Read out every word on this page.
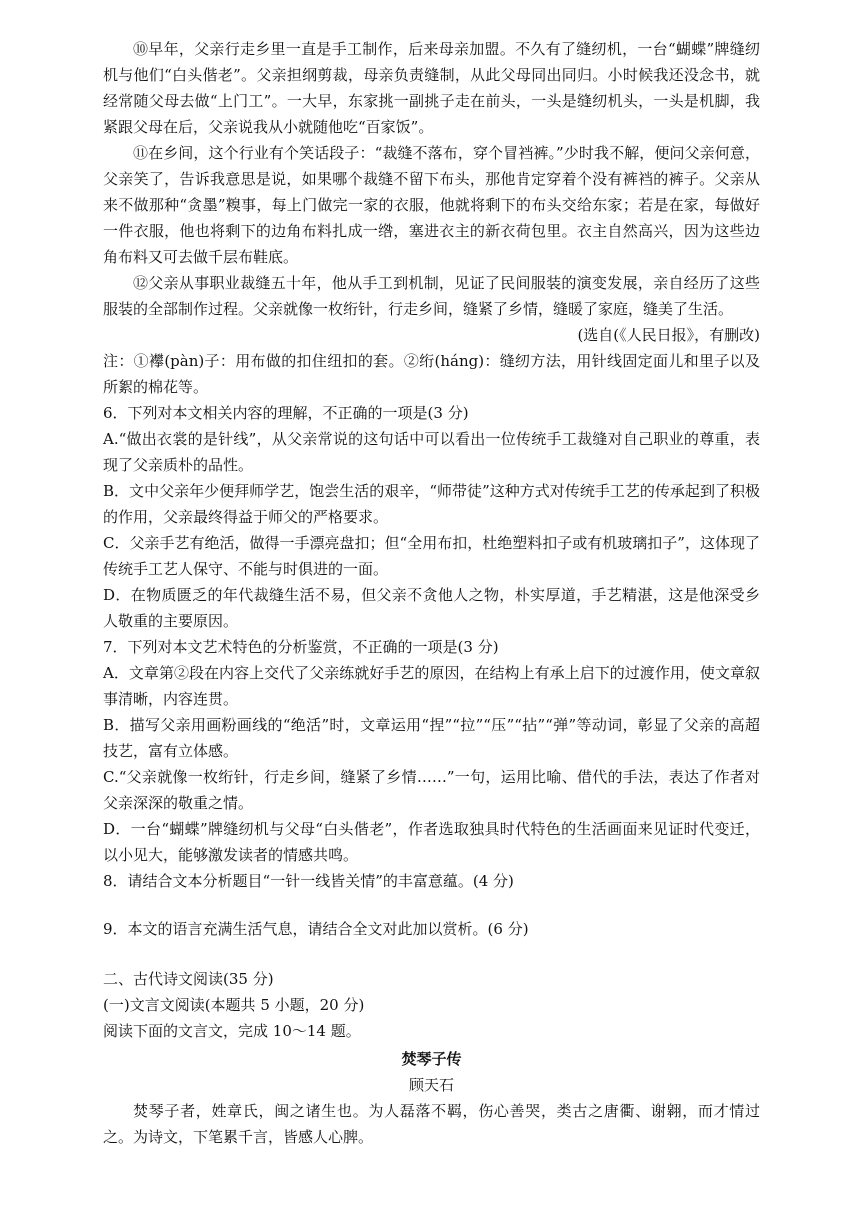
⑩早年，父亲行走乡里一直是手工制作，后来母亲加盟。不久有了缝纫机，一台“蝴蝶”牌缝纫机与他们“白头偕老”。父亲担纲剪裁，母亲负责缝制，从此父母同出同归。小时候我还没念书，就经常随父母去做“上门工”。一大早，东家挑一副挑子走在前头，一头是缝纫机头，一头是机脚，我紧跟父母在后，父亲说我从小就随他吃“百家饭”。

⑪在乡间，这个行业有个笑话段子：“裁缝不落布，穿个冒裆裤。”少时我不解，便问父亲何意，父亲笑了，告诉我意思是说，如果哪个裁缝不留下布头，那他肯定穿着个没有裤裆的裤子。父亲从来不做那种“贪墨”糗事，每上门做完一家的衣服，他就将剩下的布头交给东家；若是在家，每做好一件衣服，他也将剩下的边角布料扎成一绺，塞进衣主的新衣荷包里。衣主自然高兴，因为这些边角布料又可去做千层布鞋底。

⑫父亲从事职业裁缝五十年，他从手工到机制，见证了民间服装的演变发展，亲自经历了这些服装的全部制作过程。父亲就像一枚绗针，行走乡间，缝紧了乡情，缝暖了家庭，缝美了生活。

(选自(《人民日报》，有删改)

注：①襻(pàn)子：用布做的扣住纽扣的套。②绗(háng)：缝纫方法，用针线固定面儿和里子以及所絮的棉花等。

6．下列对本文相关内容的理解，不正确的一项是(3 分)

A.“做出衣裳的是针线”，从父亲常说的这句话中可以看出一位传统手工裁缝对自己职业的尊重，表现了父亲质朴的品性。

B．文中父亲年少便拜师学艺，饱尝生活的艰辛，“师带徒”这种方式对传统手工艺的传承起到了积极的作用，父亲最终得益于师父的严格要求。

C．父亲手艺有绝活，做得一手漂亮盘扣；但“全用布扣，杜绝塑料扣子或有机玻璃扣子”，这体现了传统手工艺人保守、不能与时俱进的一面。

D．在物质匮乏的年代裁缝生活不易，但父亲不贪他人之物，朴实厚道，手艺精湛，这是他深受乡人敬重的主要原因。

7．下列对本文艺术特色的分析鉴赏，不正确的一项是(3 分)

A．文章第②段在内容上交代了父亲练就好手艺的原因，在结构上有承上启下的过渡作用，使文章叙事清晰，内容连贯。

B．描写父亲用画粉画线的“绝活”时，文章运用“捏”“拉”“压”“拈”“弹”等动词，彰显了父亲的高超技艺，富有立体感。

C.“父亲就像一枚绗针，行走乡间，缝紧了乡情……”一句，运用比喻、借代的手法，表达了作者对父亲深深的敬重之情。

D．一台“蝴蝶”牌缝纫机与父母“白头偕老”，作者选取独具时代特色的生活画面来见证时代变迁，以小见大，能够激发读者的情感共鸣。

8．请结合文本分析题目“一针一线皆关情”的丰富意蕴。(4 分)

9．本文的语言充满生活气息，请结合全文对此加以赏析。(6 分)

二、古代诗文阅读(35 分)

(一)文言文阅读(本题共 5 小题，20 分)

阅读下面的文言文，完成 10～14 题。

焚琴子传

顾天石

焚琴子者，姓章氏，闽之诸生也。为人磊落不羁，伤心善哭，类古之唐衢、谢翱，而才情过之。为诗文，下笔累千言，皆感人心脾。
